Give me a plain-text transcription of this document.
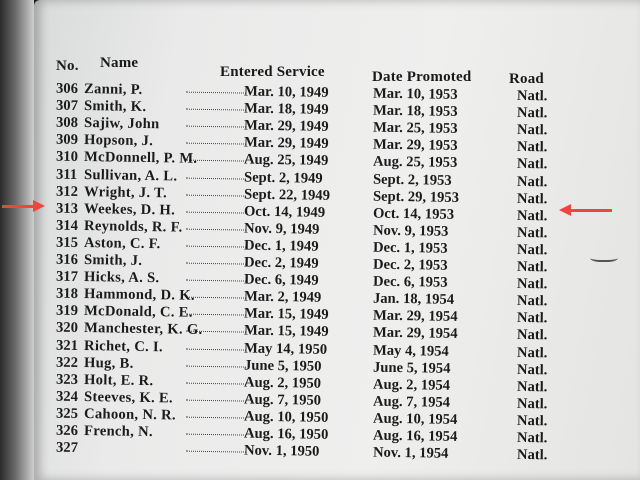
No. Name
Entered Service	Date Promoted	Road
306 Zanni, P.	Mar. 10, 1949	Mar. 10, 1953	Natl.
307 Smith, K.	Mar. 18, 1949	Mar. 18, 1953	Natl.
308 Sajiw, John	Mar. 29, 1949	Mar. 25, 1953	Natl.
309 Hopson, J.	Mar. 29, 1949	Mar. 29, 1953	Natl.
310 McDonnell, P. M.	Aug. 25, 1949	Aug. 25, 1953	Natl.
311 Sullivan, A. L.	Sept. 2, 1949	Sept. 2, 1953	Natl.
312 Wright, J. T.	Sept. 22, 1949	Sept. 29, 1953	Natl.
313 Weekes, D. H.	Oct. 14, 1949	Oct. 14, 1953	Natl.
314 Reynolds, R. F.	Nov. 9, 1949	Nov. 9, 1953	Natl.
315 Aston, C. F.	Dec. 1, 1949	Dec. 1, 1953	Natl.
316 Smith, J.	Dec. 2, 1949	Dec. 2, 1953	Natl.
317 Hicks, A. S.	Dec. 6, 1949	Dec. 6, 1953	Natl.
318 Hammond, D. K.	Mar. 2, 1949	Jan. 18, 1954	Natl.
319 McDonald, C. E.	Mar. 15, 1949	Mar. 29, 1954	Natl.
320 Manchester, K. G.	Mar. 15, 1949	Mar. 29, 1954	Natl.
321 Richet, C. I.	May 14, 1950	May 4, 1954	Natl.
322 Hug, B.	June 5, 1950	June 5, 1954	Natl.
323 Holt, E. R.	Aug. 2, 1950	Aug. 2, 1954	Natl.
324 Steeves, K. E.	Aug. 7, 1950	Aug. 7, 1954	Natl.
325 Cahoon, N. R.	Aug. 10, 1950	Aug. 10, 1954	Natl.
326 French, N.	Aug. 16, 1950	Aug. 16, 1954	Natl.
327	Nov. 1, 1950	Nov. 1, 1954	Natl.
